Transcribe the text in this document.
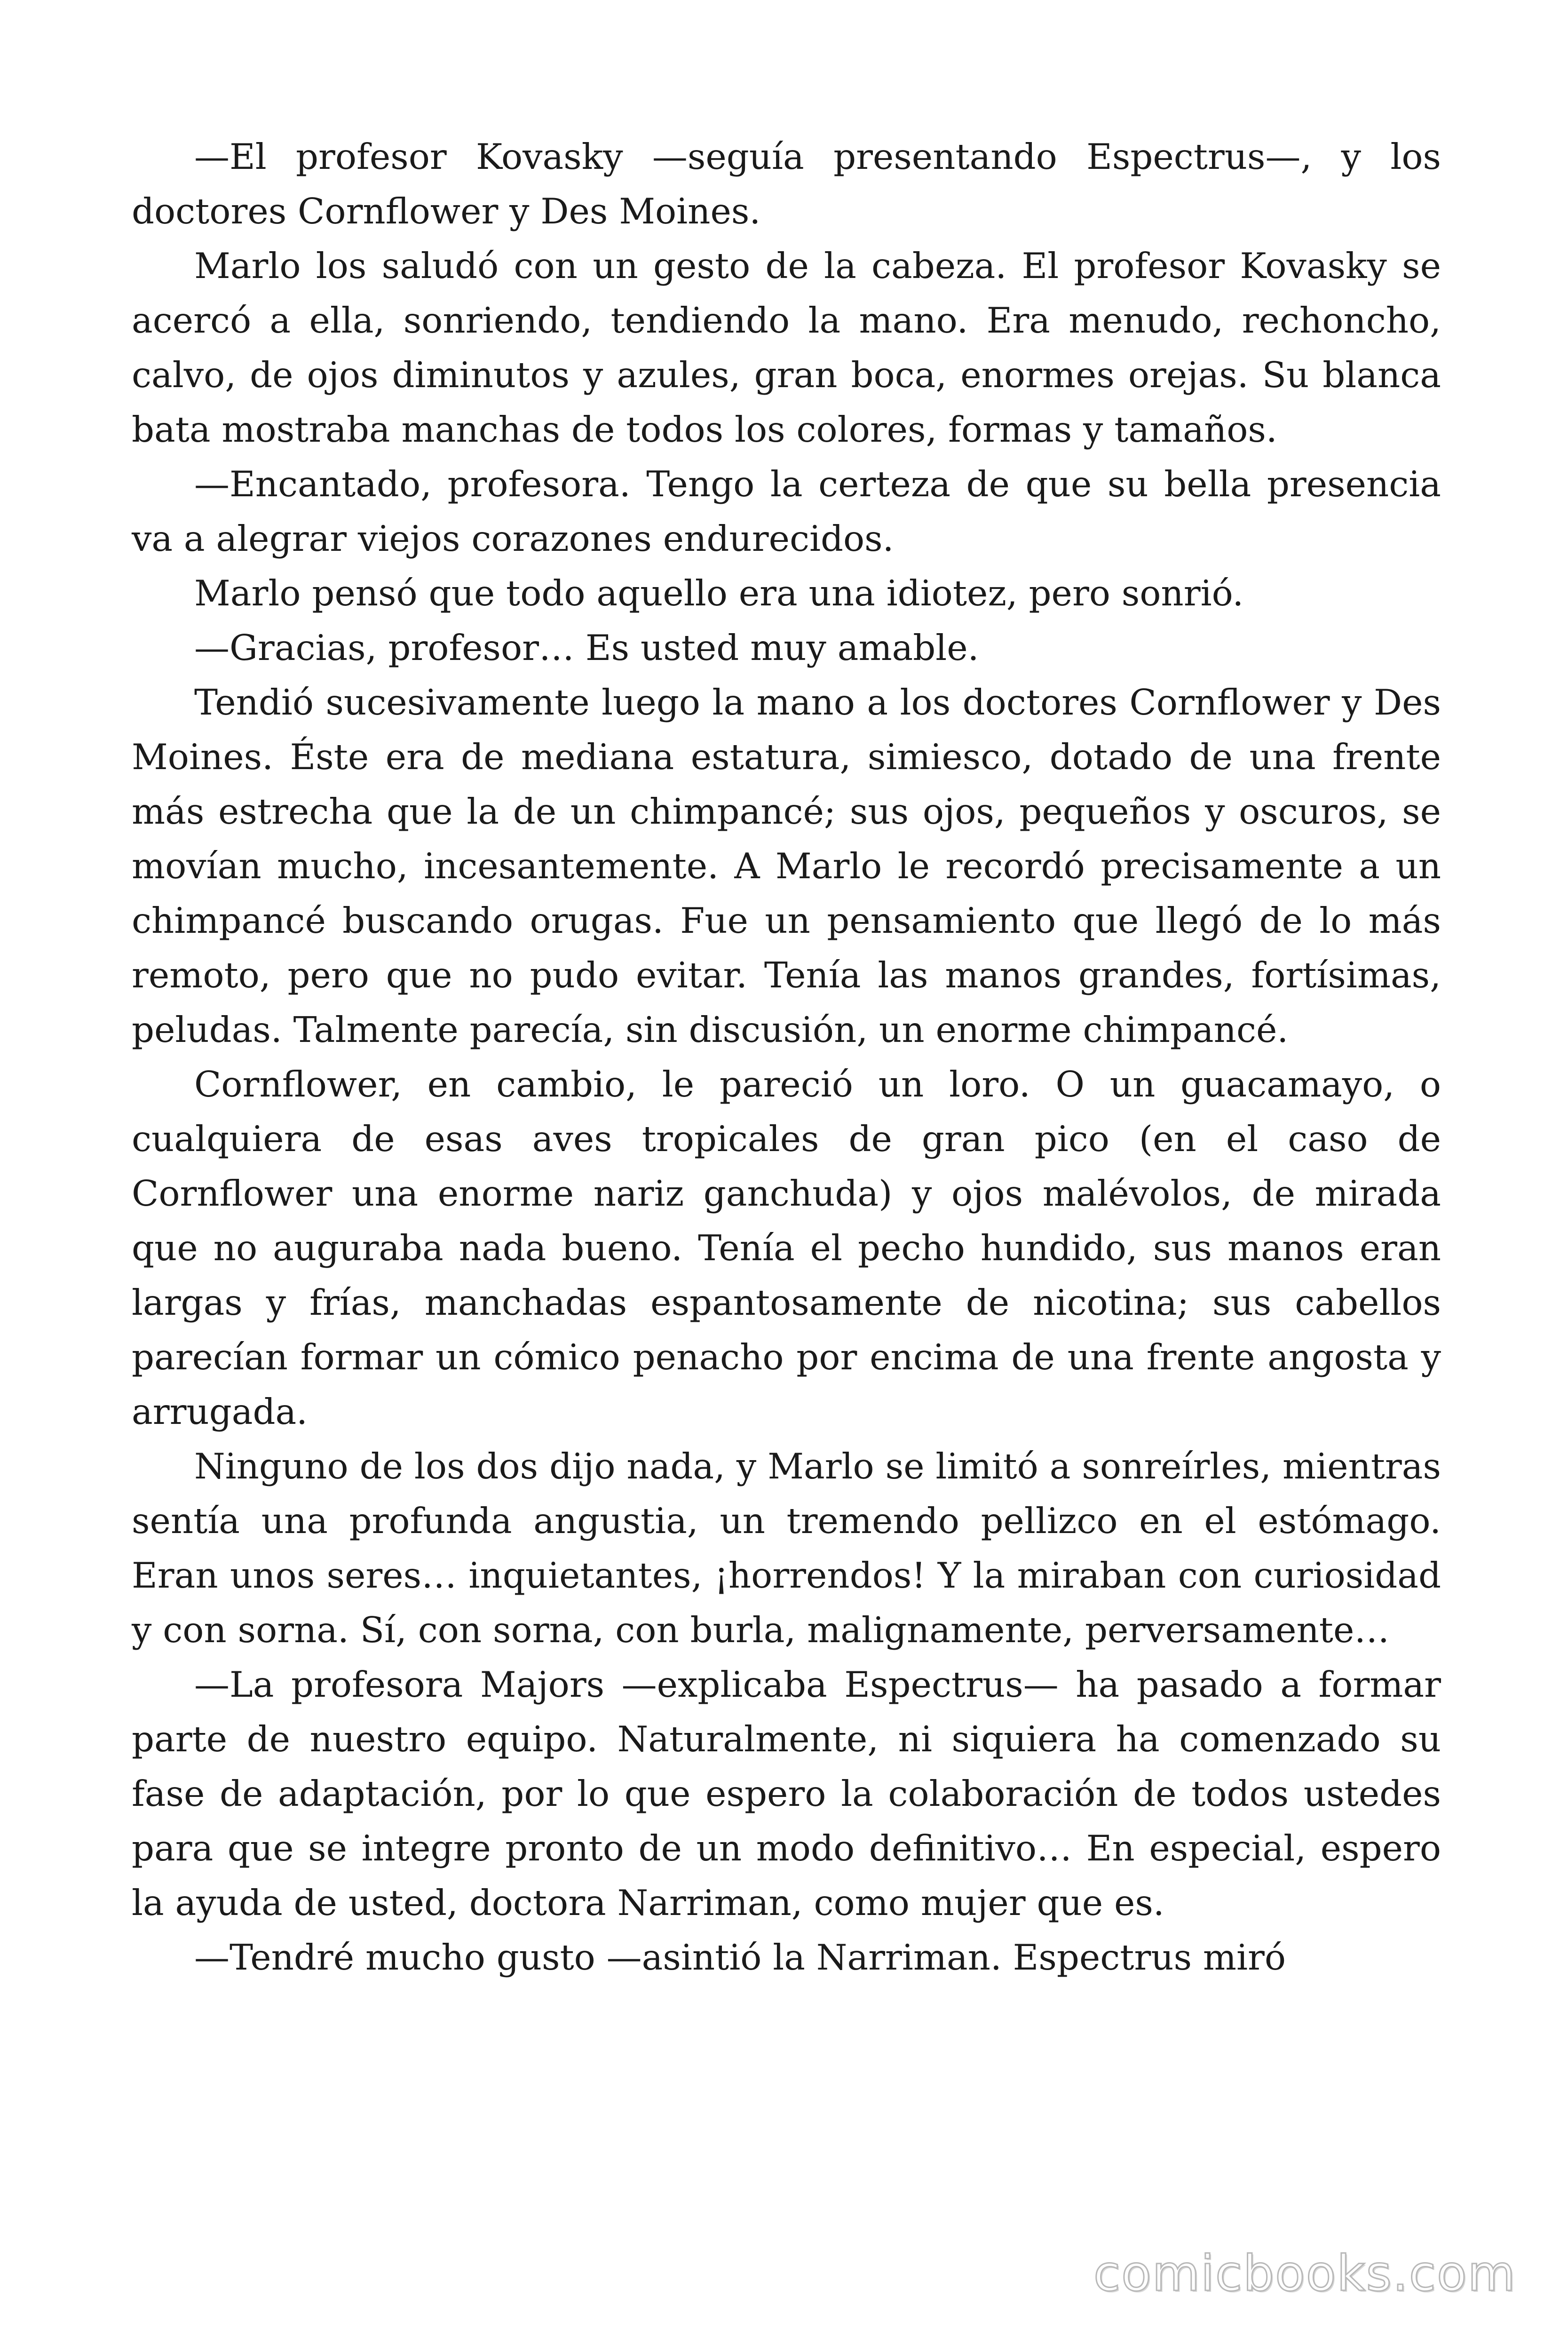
—El profesor Kovasky —seguía presentando Espectrus—, y los doctores Cornflower y Des Moines.

Marlo los saludó con un gesto de la cabeza. El profesor Kovasky se acercó a ella, sonriendo, tendiendo la mano. Era menudo, rechoncho, calvo, de ojos diminutos y azules, gran boca, enormes orejas. Su blanca bata mostraba manchas de todos los colores, formas y tamaños.

—Encantado, profesora. Tengo la certeza de que su bella presencia va a alegrar viejos corazones endurecidos.

Marlo pensó que todo aquello era una idiotez, pero sonrió.

—Gracias, profesor… Es usted muy amable.

Tendió sucesivamente luego la mano a los doctores Cornflower y Des Moines. Éste era de mediana estatura, simiesco, dotado de una frente más estrecha que la de un chimpancé; sus ojos, pequeños y oscuros, se movían mucho, incesantemente. A Marlo le recordó precisamente a un chimpancé buscando orugas. Fue un pensamiento que llegó de lo más remoto, pero que no pudo evitar. Tenía las manos grandes, fortísimas, peludas. Talmente parecía, sin discusión, un enorme chimpancé.

Cornflower, en cambio, le pareció un loro. O un guacamayo, o cualquiera de esas aves tropicales de gran pico (en el caso de Cornflower una enorme nariz ganchuda) y ojos malévolos, de mirada que no auguraba nada bueno. Tenía el pecho hundido, sus manos eran largas y frías, manchadas espantosamente de nicotina; sus cabellos parecían formar un cómico penacho por encima de una frente angosta y arrugada.

Ninguno de los dos dijo nada, y Marlo se limitó a sonreírles, mientras sentía una profunda angustia, un tremendo pellizco en el estómago. Eran unos seres… inquietantes, ¡horrendos! Y la miraban con curiosidad y con sorna. Sí, con sorna, con burla, malignamente, perversamente…

—La profesora Majors —explicaba Espectrus— ha pasado a formar parte de nuestro equipo. Naturalmente, ni siquiera ha comenzado su fase de adaptación, por lo que espero la colaboración de todos ustedes para que se integre pronto de un modo definitivo… En especial, espero la ayuda de usted, doctora Narriman, como mujer que es.

—Tendré mucho gusto —asintió la Narriman. Espectrus miró

comicbooks.com
